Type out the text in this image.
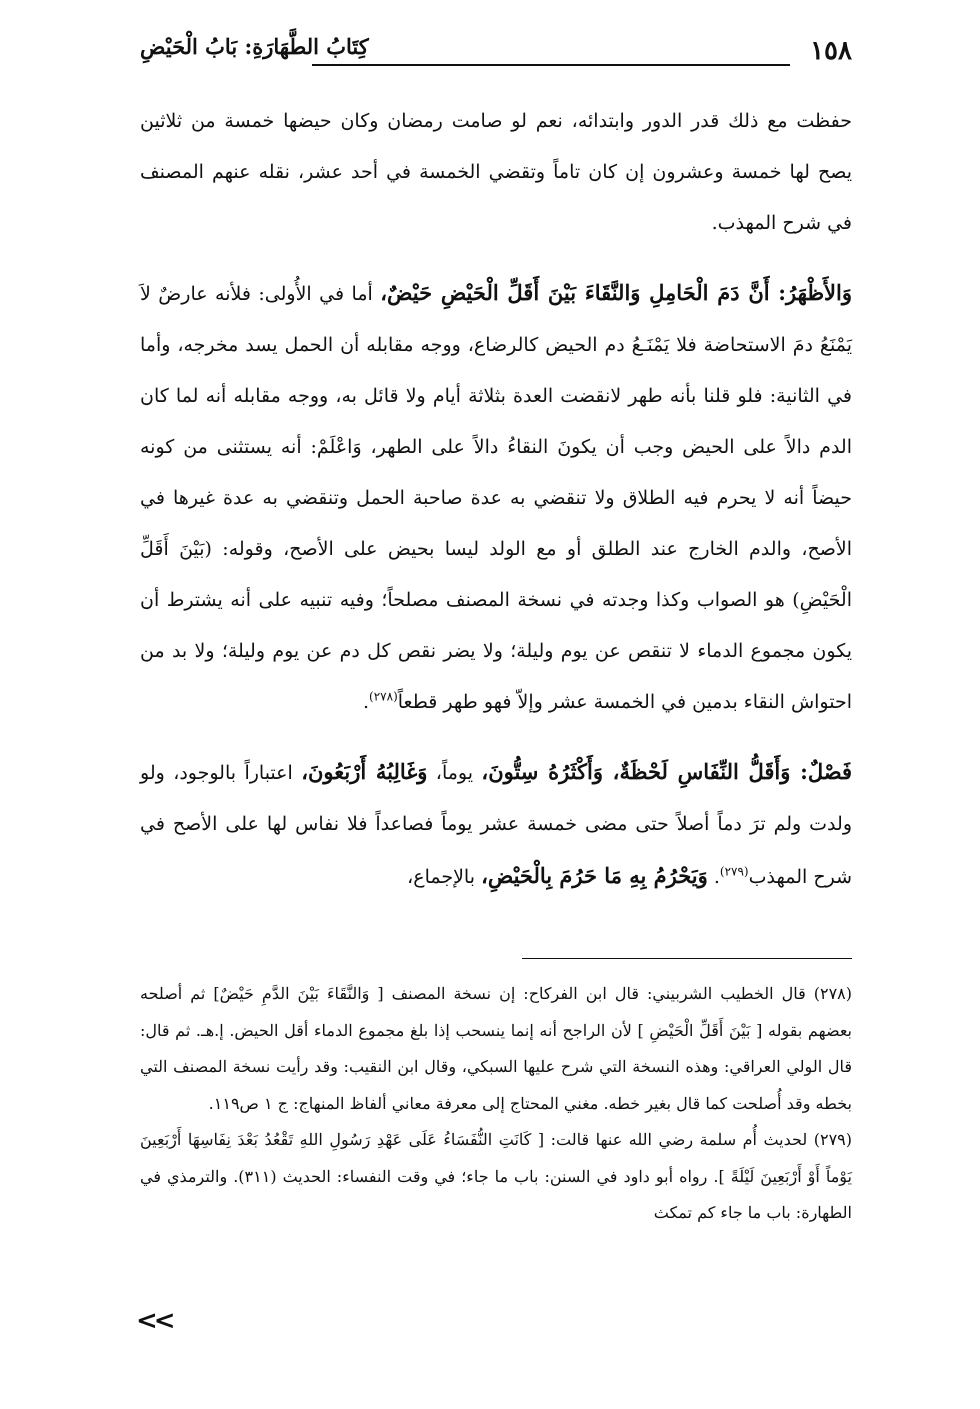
١٥٨
كِتَابُ الطَّهَارَةِ: بَابُ الْحَيْضِ

حفظت مع ذلك قدر الدور وابتدائه، نعم لو صامت رمضان وكان حيضها خمسة من ثلاثين يصح لها خمسة وعشرون إن كان تاماً وتقضي الخمسة في أحد عشر، نقله عنهم المصنف في شرح المهذب.

وَالأَظْهَرُ: أَنَّ دَمَ الْحَامِلِ وَالنَّقَاءَ بَيْنَ أَقَلِّ الْحَيْضِ حَيْضٌ، أما في الأُولى: فلأنه عارضٌ لاَ يَمْنَعُ دمَ الاستحاضة فلا يَمْنَـعُ دم الحيض كالرضاع، ووجه مقابله أن الحمل يسد مخرجه، وأما في الثانية: فلو قلنا بأنه طهر لانقضت العدة بثلاثة أيام ولا قائل به، ووجه مقابله أنه لما كان الدم دالاً على الحيض وجب أن يكونَ النقاءُ دالاً على الطهر، وَاعْلَمْ: أنه يستثنى من كونه حيضاً أنه لا يحرم فيه الطلاق ولا تنقضي به عدة صاحبة الحمل وتنقضي به عدة غيرها في الأصح، والدم الخارج عند الطلق أو مع الولد ليسا بحيض على الأصح، وقوله: (بَيْنَ أَقَلِّ الْحَيْضِ) هو الصواب وكذا وجدته في نسخة المصنف مصلحاً؛ وفيه تنبيه على أنه يشترط أن يكون مجموع الدماء لا تنقص عن يوم وليلة؛ ولا يضر نقص كل دم عن يوم وليلة؛ ولا بد من احتواش النقاء بدمين في الخمسة عشر وإلاّ فهو طهر قطعاً$^{(٢٧٨)}$.

فَصْلٌ: وَأَقَلُّ النِّفَاسِ لَحْظَةٌ، وَأَكْثَرُهُ سِتُّونَ، يوماً، وَغَالِبُهُ أَرْبَعُونَ، اعتباراً بالوجود، ولو ولدت ولم ترَ دماً أصلاً حتى مضى خمسة عشر يوماً فصاعداً فلا نفاس لها على الأصح في شرح المهذب$^{(٢٧٩)}$. وَيَحْرُمُ بِهِ مَا حَرُمَ بِالْحَيْضِ، بالإجماع،

(٢٧٨) قال الخطيب الشربيني: قال ابن الفركاح: إن نسخة المصنف [ وَالنَّقَاءَ بَيْنَ الدَّمِ حَيْضٌ] ثم أصلحه بعضهم بقوله [ بَيْنَ أَقَلِّ الْحَيْضِ ] لأن الراجح أنه إنما ينسحب إذا بلغ مجموع الدماء أقل الحيض. إ.هـ. ثم قال: قال الولي العراقي: وهذه النسخة التي شرح عليها السبكي، وقال ابن النقيب: وقد رأيت نسخة المصنف التي بخطه وقد أُصلحت كما قال بغير خطه. مغني المحتاج إلى معرفة معاني ألفاظ المنهاج: ج ١ ص١١٩.

(٢٧٩) لحديث أُم سلمة رضي الله عنها قالت: [ كَانَتِ النُّفَسَاءُ عَلَى عَهْدِ رَسُولِ اللهِ تَقْعُدُ بَعْدَ نِفَاسِهَا أَرْبَعِينَ يَوْماً أَوْ أَرْبَعِينَ لَيْلَةً ]. رواه أبو داود في السنن: باب ما جاء؛ في وقت النفساء: الحديث (٣١١). والترمذي في الطهارة: باب ما جاء كم تمكث

<<
